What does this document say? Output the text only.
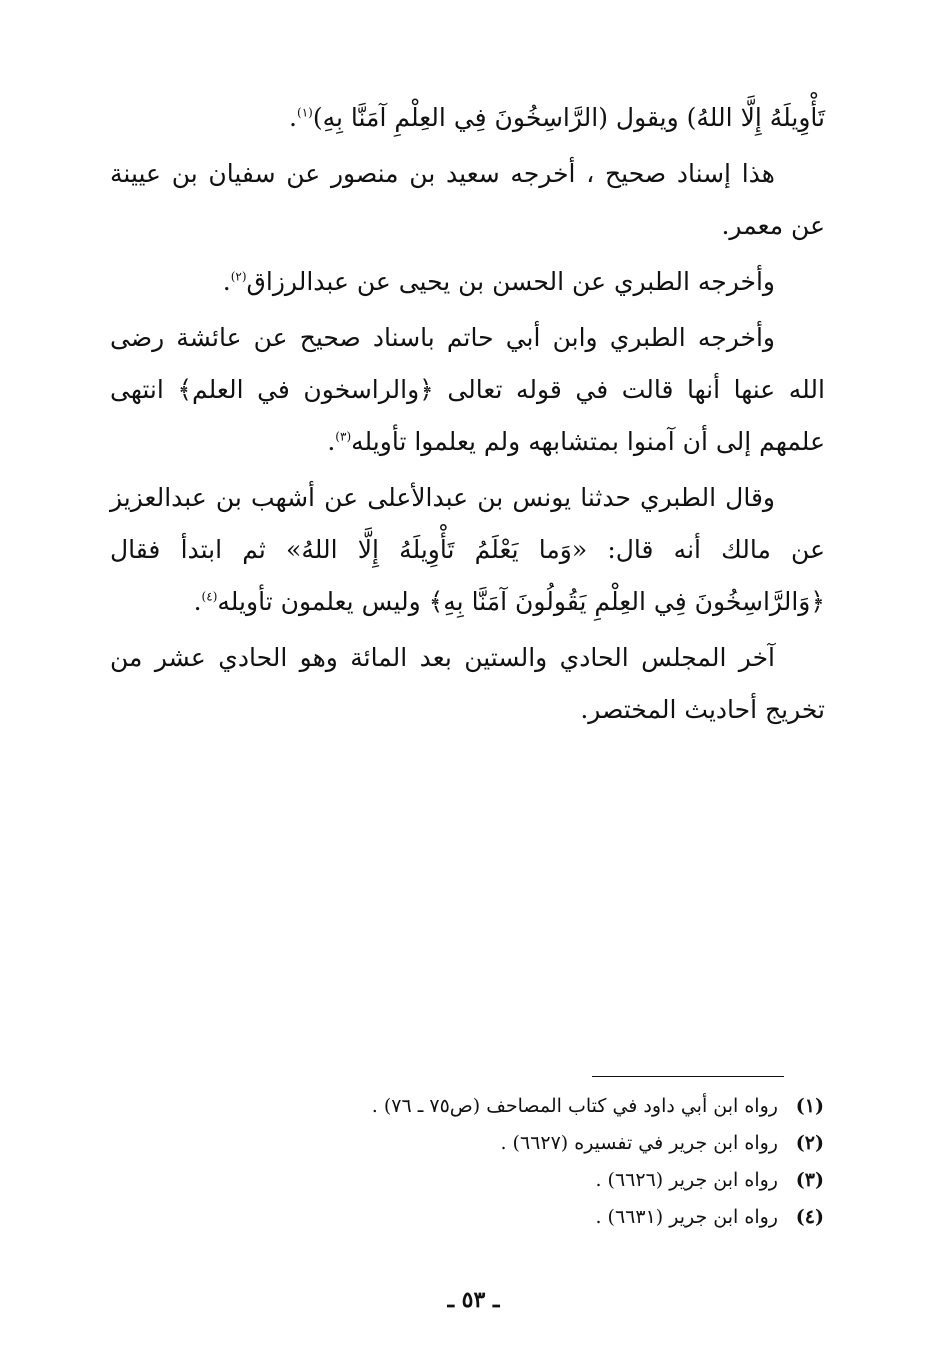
تَأْوِيلَهُ إِلَّا اللهُ) ويقول (الرَّاسِخُونَ فِي العِلْمِ آمَنَّا بِهِ)$^{(١)}$.

هذا إسناد صحيح ، أخرجه سعيد بن منصور عن سفيان بن عيينة عن معمر.

وأخرجه الطبري عن الحسن بن يحيى عن عبدالرزاق$^{(٢)}$.

وأخرجه الطبري وابن أبي حاتم باسناد صحيح عن عائشة رضى الله عنها أنها قالت في قوله تعالى ﴿والراسخون في العلم﴾ انتهى علمهم إلى أن آمنوا بمتشابهه ولم يعلموا تأويله$^{(٣)}$.

وقال الطبري حدثنا يونس بن عبدالأعلى عن أشهب بن عبدالعزيز عن مالك أنه قال: «وَما يَعْلَمُ تَأْوِيلَهُ إِلَّا اللهُ» ثم ابتدأ فقال ﴿وَالرَّاسِخُونَ فِي العِلْمِ يَقُولُونَ آمَنَّا بِهِ﴾ وليس يعلمون تأويله$^{(٤)}$.

آخر المجلس الحادي والستين بعد المائة وهو الحادي عشر من تخريج أحاديث المختصر.

(١) رواه ابن أبي داود في كتاب المصاحف (ص٧٥ ـ ٧٦) .
(٢) رواه ابن جرير في تفسيره (٦٦٢٧) .
(٣) رواه ابن جرير (٦٦٢٦) .
(٤) رواه ابن جرير (٦٦٣١) .
ـ ٥٣ ـ
